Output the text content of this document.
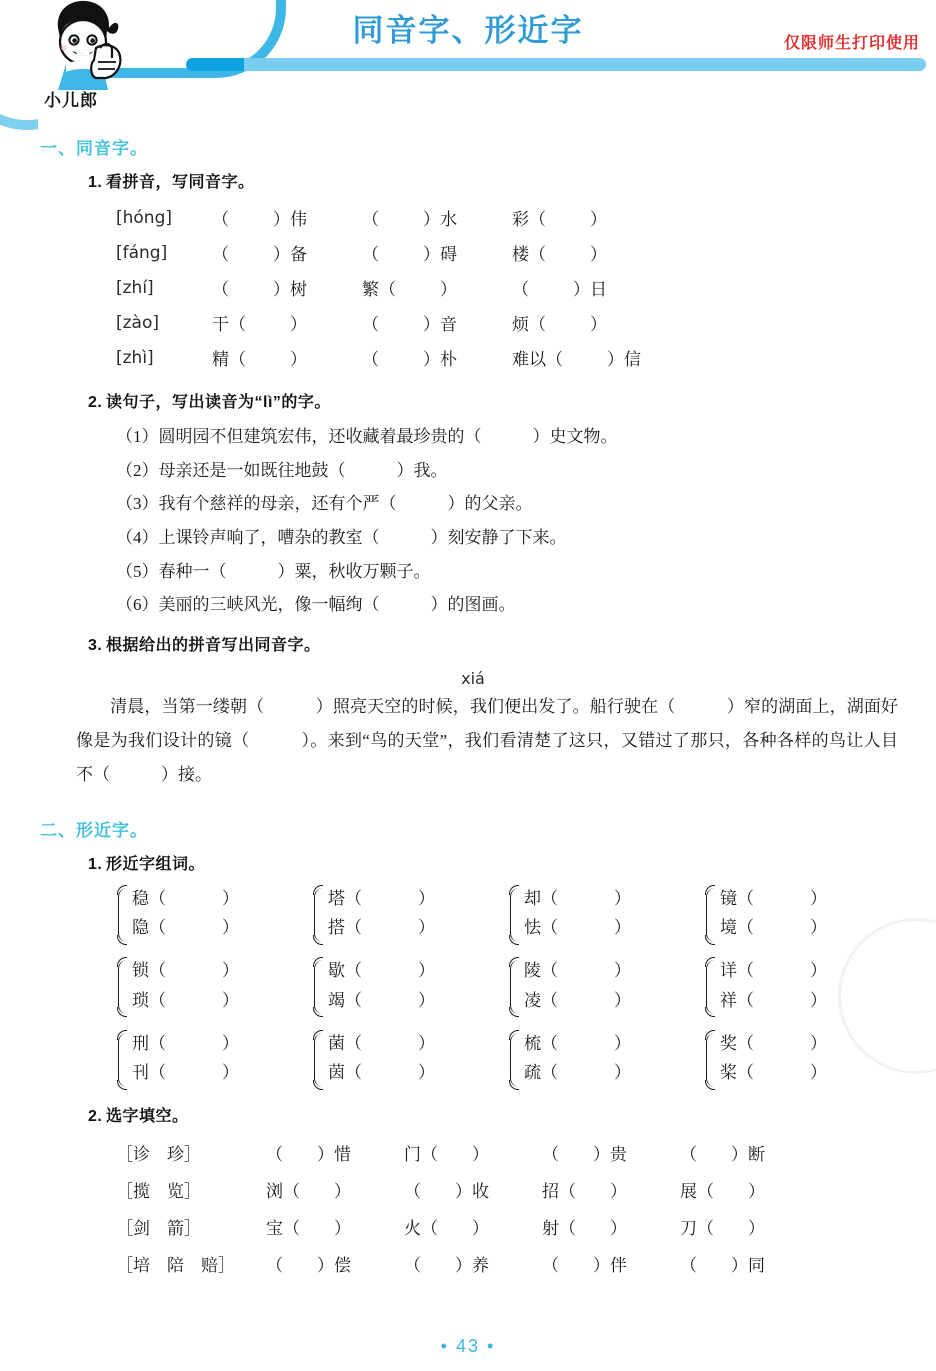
小儿郎
同音字、形近字	仅限师生打印使用
一、同音字。
1. 看拼音，写同音字。
[hóng]	（ ）伟	（ ）水	彩（ ）
[fáng]	（ ）备	（ ）碍	楼（ ）
[zhí]	（ ）树	繁（ ）	（ ）日
[zào]	干（ ）	（ ）音	烦（ ）
[zhì]	精（ ）	（ ）朴	难以（ ）信
2. 读句子，写出读音为“lì”的字。
（1）圆明园不但建筑宏伟，还收藏着最珍贵的（　　　）史文物。
（2）母亲还是一如既往地鼓（　　　）我。
（3）我有个慈祥的母亲，还有个严（　　　）的父亲。
（4）上课铃声响了，嘈杂的教室（　　　）刻安静了下来。
（5）春种一（　　　）粟，秋收万颗子。
（6）美丽的三峡风光，像一幅绚（　　　）的图画。
3. 根据给出的拼音写出同音字。
xiá
清晨，当第一缕朝（　　　）照亮天空的时候，我们便出发了。船行驶在（　　　）窄的湖面上，湖面好像是为我们设计的镜（　　　）。来到“鸟的天堂”，我们看清楚了这只，又错过了那只，各种各样的鸟让人目不（　　　）接。
二、形近字。
1. 形近字组词。
稳（	）
隐（	）
塔（	）
搭（	）
却（	）
怯（	）
镜（	）
境（	）
锁（	）
琐（	）
歇（	）
竭（	）
陵（	）
凌（	）
详（	）
祥（	）
刑（	）
刊（	）
菌（	）
茵（	）
梳（	）
疏（	）
奖（	）
桨（	）
2. 选字填空。
［诊　珍］	（　　）惜	门（　　）	（　　）贵	（　　）断
［揽　览］	浏（　　）	（　　）收	招（　　）	展（　　）
［剑　箭］	宝（　　）	火（　　）	射（　　）	刀（　　）
［培　陪　赔］	（　　）偿	（　　）养	（　　）伴	（　　）同
• 43 •
